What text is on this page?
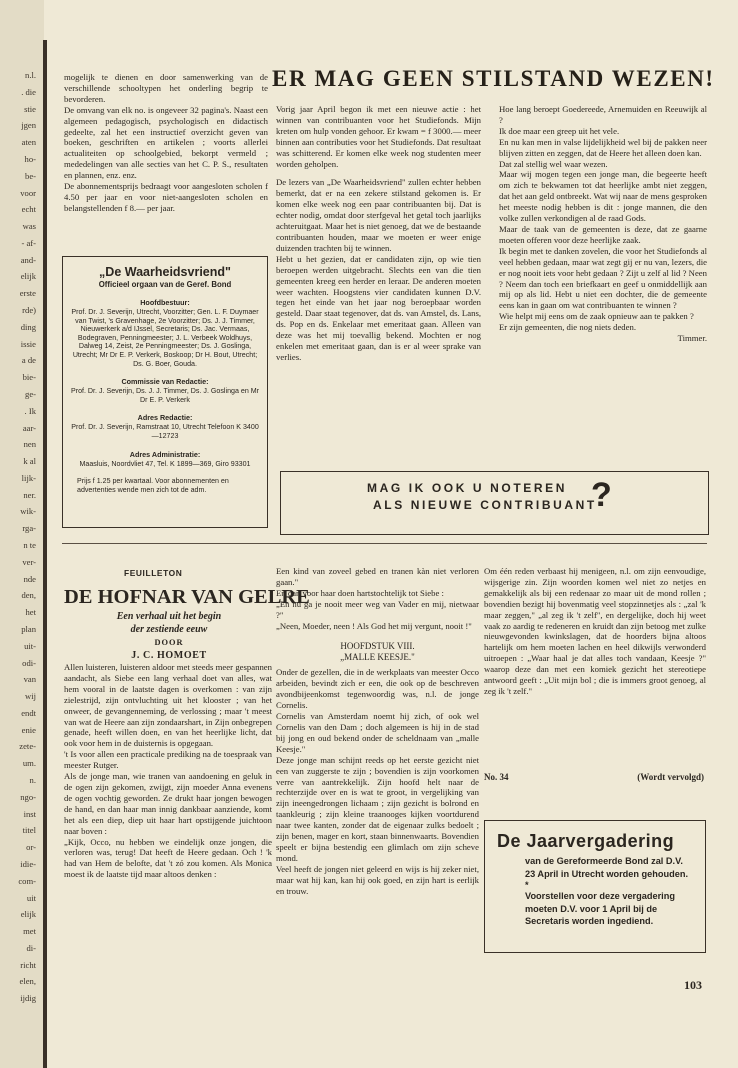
n.l.
. die
stie
jgen
aten
ho-
be-
voor
echt
was
- af-
and-
elijk
erste
rde)
ding
issie
a de
bie-
ge-
. Ik
aar-
nen
k al
lijk-
ner.
wik-
rga-
n te
ver-
nde
den,
het
plan
uit-
odi-
van
wij
endt
enie
zete-
um.
n.
ngo-
inst
titel
or-
idie-
com-
uit
elijk
met
di-
richt
elen,
ijdig

mogelijk te dienen en door samenwerking van de verschillende schooltypen het onderling begrip te bevorderen.

De omvang van elk no. is ongeveer 32 pagina's. Naast een algemeen pedagogisch, psychologisch en didactisch gedeelte, zal het een instructief overzicht geven van boeken, geschriften en artikelen ; voorts allerlei actualiteiten op schoolgebied, bekorpt vermeld ; mededelingen van alle secties van het C. P. S., resultaten en plannen, enz. enz.

De abonnementsprijs bedraagt voor aangesloten scholen f 4.50 per jaar en voor niet-aangesloten scholen en belangstellenden f 8.— per jaar.

„De Waarheidsvriend"
Officieel orgaan van de Geref. Bond
Hoofdbestuur:
Prof. Dr. J. Severijn, Utrecht, Voorzitter; Gen. L. F. Duymaer van Twist, 's Gravenhage, 2e Voorzitter; Ds. J. J. Timmer, Nieuwerkerk a/d IJssel, Secretaris; Ds. Jac. Vermaas, Bodegraven, Penningmeester; J. L. Verbeek Woldhuys, Dalweg 14, Zeist, 2e Penningmeester; Ds. J. Goslinga, Utrecht; Mr Dr E. P. Verkerk, Boskoop; Dr H. Bout, Utrecht; Ds. G. Boer, Gouda.
Commissie van Redactie:
Prof. Dr. J. Severijn, Ds. J. J. Timmer, Ds. J. Goslinga en Mr Dr E. P. Verkerk
Adres Redactie:
Prof. Dr. J. Severijn, Ramstraat 10, Utrecht Telefoon K 3400—12723
Adres Administratie:
Maasluis, Noordvliet 47, Tel. K 1899—369, Giro 93301
Prijs f 1.25 per kwartaal. Voor abonnementen en advertenties wende men zich tot de adm.
ER MAG GEEN STILSTAND WEZEN!

Vorig jaar April begon ik met een nieuwe actie : het winnen van contribuanten voor het Studiefonds. Mijn kreten om hulp vonden gehoor. Er kwam = f 3000.— meer binnen aan contributies voor het Studiefonds. Dat resultaat was schitterend. Er komen elke week nog studenten meer worden geholpen.

De lezers van „De Waarheidsvriend" zullen echter hebben bemerkt, dat er na een zekere stilstand gekomen is. Er komen elke week nog een paar contribuanten bij. Dat is echter nodig, omdat door sterfgeval het getal toch jaarlijks achteruitgaat. Maar het is niet genoeg, dat we de bestaande contribuanten houden, maar we moeten er weer enige duizenden trachten bij te winnen.

Hebt u het gezien, dat er candidaten zijn, op wie tien beroepen werden uitgebracht. Slechts een van die tien gemeenten kreeg een herder en leraar. De anderen moeten weer wachten. Hoogstens vier candidaten kunnen D.V. tegen het einde van het jaar nog beroepbaar worden gesteld. Daar staat tegenover, dat ds. van Amstel, ds. Lans, ds. Pop en ds. Enkelaar met emeritaat gaan. Alleen van deze was het mij toevallig bekend. Mochten er nog enkelen met emeritaat gaan, dan is er al weer sprake van verlies.

Hoe lang beroept Goedereede, Arnemuiden en Reeuwijk al ?

Ik doe maar een greep uit het vele.

En nu kan men in valse lijdelijkheid wel bij de pakken neer blijven zitten en zeggen, dat de Heere het alleen doen kan.

Dat zal stellig wel waar wezen.

Maar wij mogen tegen een jonge man, die begeerte heeft om zich te bekwamen tot dat heerlijke ambt niet zeggen, dat het aan geld ontbreekt. Wat wij naar de mens gesproken het meeste nodig hebben is dit : jonge mannen, die den volke zullen verkondigen al de raad Gods.

Maar de taak van de gemeenten is deze, dat ze gaarne moeten offeren voor deze heerlijke zaak.

Ik begin met te danken zovelen, die voor het Studiefonds al veel hebben gedaan, maar wat zegt gij er nu van, lezers, die er nog nooit iets voor hebt gedaan ? Zijt u zelf al lid ? Neen ? Neem dan toch een briefkaart en geef u onmiddellijk aan mij op als lid. Hebt u niet een dochter, die de gemeente eens kan in gaan om wat contribuanten te winnen ?

Wie helpt mij eens om de zaak opnieuw aan te pakken ?

Er zijn gemeenten, die nog niets deden.

Timmer.

MAG IK OOK U NOTEREN
ALS NIEUWE CONTRIBUANT
?
FEUILLETON
DE HOFNAR VAN GELRE
Een verhaal uit het begin
der zestiende eeuw
DOOR
J. C. HOMOET

Allen luisteren, luisteren aldoor met steeds meer gespannen aandacht, als Siebe een lang verhaal doet van alles, wat hem vooral in de laatste dagen is overkomen : van zijn zielestrijd, zijn ontvluchting uit het klooster ; van het onweer, de gevangenneming, de verlossing ; maar 't meest van wat de Heere aan zijn zondaarshart, in Zijn onbegrepen genade, heeft willen doen, en van het heerlijke licht, dat ook voor hem in de duisternis is opgegaan.

't Is voor allen een practicale prediking na de toespraak van meester Rutger.

Als de jonge man, wie tranen van aandoening en geluk in de ogen zijn gekomen, zwijgt, zijn moeder Anna evenens de ogen vochtig geworden. Ze drukt haar jongen bewogen de hand, en dan haar man innig dankbaar aanziende, komt het als een diep, diep uit haar hart opstijgende juichtoon naar boven :

„Kijk, Occo, nu hebben we eindelijk onze jongen, die verloren was, terug! Dat heeft de Heere gedaan. Och ! 'k had van Hem de belofte, dat 't zó zou komen. Als Monica moest ik de laatste tijd maar altoos denken :

Een kind van zoveel gebed en tranen kàn niet verloren gaan."

En dan voor haar doen hartstochtelijk tot Siebe :

„En nu ga je nooit meer weg van Vader en mij, nietwaar ?"

„Neen, Moeder, neen ! Als God het mij vergunt, nooit !"

HOOFDSTUK VIII.

„MALLE KEESJE."

Onder de gezellen, die in de werkplaats van meester Occo arbeiden, bevindt zich er een, die ook op de beschreven avondbijeenkomst tegenwoordig was, n.l. de jonge Cornelis.

Cornelis van Amsterdam noemt hij zich, of ook wel Cornelis van den Dam ; doch algemeen is hij in de stad bij jong en oud bekend onder de scheldnaam van „malle Keesje."

Deze jonge man schijnt reeds op het eerste gezicht niet een van zuggerste te zijn ; bovendien is zijn voorkomen verre van aantrekkelijk. Zijn hoofd helt naar de rechterzijde over en is wat te groot, in vergelijking van zijn ineengedrongen lichaam ; zijn gezicht is bolrond en taankleurig ; zijn kleine traanooges kijken voortdurend naar twee kanten, zonder dat de eigenaar zulks bedoelt ; zijn benen, mager en kort, staan binnenwaarts. Bovendien speelt er bijna bestendig een glimlach om zijn scheve mond.

Veel heeft de jongen niet geleerd en wijs is hij zeker niet, maar wat hij kan, kan hij ook goed, en zijn hart is eerlijk en trouw.

Om één reden verbaast hij menigeen, n.l. om zijn eenvoudige, wijsgerige zin. Zijn woorden komen wel niet zo netjes en gemakkelijk als bij een redenaar zo maar uit de mond rollen ; bovendien bezigt hij bovenmatig veel stopzinnetjes als : „zal 'k maar zeggen," „al zeg ik 't zelf", en dergelijke, doch hij weet vaak zo aardig te redeneren en kruidt dan zijn betoog met zulke nieuwgevonden kwinkslagen, dat de hoorders bijna altoos hartelijk om hem moeten lachen en heel dikwijls verwonderd uitroepen : „Waar haal je dat alles toch vandaan, Keesje ?" waarop deze dan met een komiek gezicht het stereotiepe antwoord geeft : „Uit mijn bol ; die is immers groot genoeg, al zeg ik 't zelf."

No. 34	(Wordt vervolgd)
De Jaarvergadering
van de Gereformeerde Bond zal D.V. 23 April in Utrecht worden gehouden.
*
Voorstellen voor deze vergadering moeten D.V. voor 1 April bij de Secretaris worden ingediend.
103
